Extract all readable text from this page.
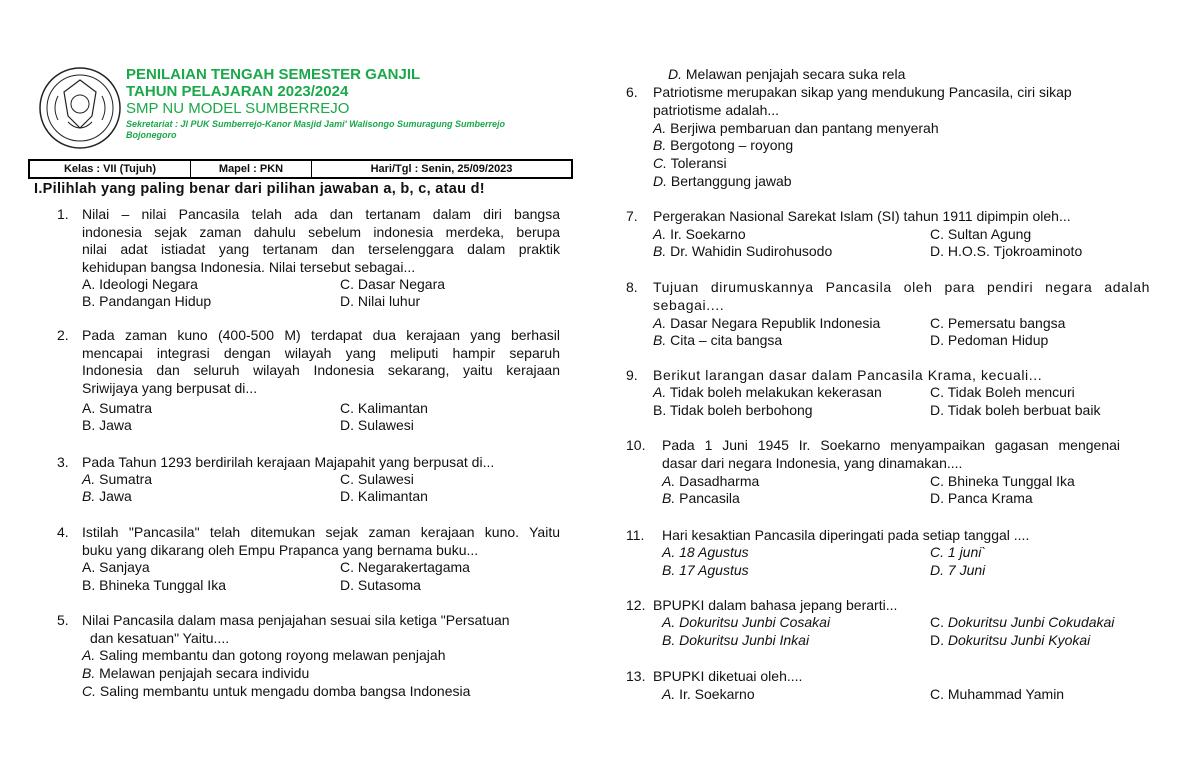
PENILAIAN TENGAH SEMESTER GANJIL
TAHUN PELAJARAN 2023/2024
SMP NU MODEL SUMBERREJO
Sekretariat : Jl PUK Sumberrejo-Kanor Masjid Jami' Walisongo Sumuragung Sumberrejo
Bojonegoro
Kelas : VII (Tujuh)	Mapel : PKN	Hari/Tgl : Senin, 25/09/2023
I.Pilihlah yang paling benar dari pilihan jawaban a, b, c, atau d!
1. Nilai – nilai Pancasila telah ada dan tertanam dalam diri bangsa
indonesia sejak zaman dahulu sebelum indonesia merdeka, berupa
nilai adat istiadat yang tertanam dan terselenggara dalam praktik
kehidupan bangsa Indonesia. Nilai tersebut sebagai...
A. Ideologi Negara
B. Pandangan Hidup
C. Dasar Negara
D. Nilai luhur
2. Pada zaman kuno (400-500 M) terdapat dua kerajaan yang berhasil
mencapai integrasi dengan wilayah yang meliputi hampir separuh
Indonesia dan seluruh wilayah Indonesia sekarang, yaitu kerajaan
Sriwijaya yang berpusat di...
A. Sumatra
B. Jawa
C. Kalimantan
D. Sulawesi
3. Pada Tahun 1293 berdirilah kerajaan Majapahit yang berpusat di...
A. Sumatra
B. Jawa
C. Sulawesi
D. Kalimantan
4. Istilah "Pancasila" telah ditemukan sejak zaman kerajaan kuno. Yaitu
buku yang dikarang oleh Empu Prapanca yang bernama buku...
A. Sanjaya
B. Bhineka Tunggal Ika
C. Negarakertagama
D. Sutasoma
5. Nilai Pancasila dalam masa penjajahan sesuai sila ketiga "Persatuan
dan kesatuan" Yaitu....
A. Saling membantu dan gotong royong melawan penjajah
B. Melawan penjajah secara individu
C. Saling membantu untuk mengadu domba bangsa Indonesia
D. Melawan penjajah secara suka rela
6. Patriotisme merupakan sikap yang mendukung Pancasila, ciri sikap
patriotisme adalah...
A. Berjiwa pembaruan dan pantang menyerah
B. Bergotong – royong
C. Toleransi
D. Bertanggung jawab
7. Pergerakan Nasional Sarekat Islam (SI) tahun 1911 dipimpin oleh...
A. Ir. Soekarno
B. Dr. Wahidin Sudirohusodo
C. Sultan Agung
D. H.O.S. Tjokroaminoto
8. Tujuan dirumuskannya Pancasila oleh para pendiri negara adalah
sebagai....
A. Dasar Negara Republik Indonesia
B. Cita – cita bangsa
C. Pemersatu bangsa
D. Pedoman Hidup
9. Berikut larangan dasar dalam Pancasila Krama, kecuali...
A. Tidak boleh melakukan kekerasan
B. Tidak boleh berbohong
C. Tidak Boleh mencuri
D. Tidak boleh berbuat baik
10. Pada 1 Juni 1945 Ir. Soekarno menyampaikan gagasan mengenai
dasar dari negara Indonesia, yang dinamakan....
A. Dasadharma
B. Pancasila
C. Bhineka Tunggal Ika
D. Panca Krama
11. Hari kesaktian Pancasila diperingati pada setiap tanggal ....
A. 18 Agustus
B. 17 Agustus
C. 1 juni`
D. 7 Juni
12. BPUPKI dalam bahasa jepang berarti...
A. Dokuritsu Junbi Cosakai
B. Dokuritsu Junbi Inkai
C. Dokuritsu Junbi Cokudakai
D. Dokuritsu Junbi Kyokai
13. BPUPKI diketuai oleh....
A. Ir. Soekarno	C. Muhammad Yamin
